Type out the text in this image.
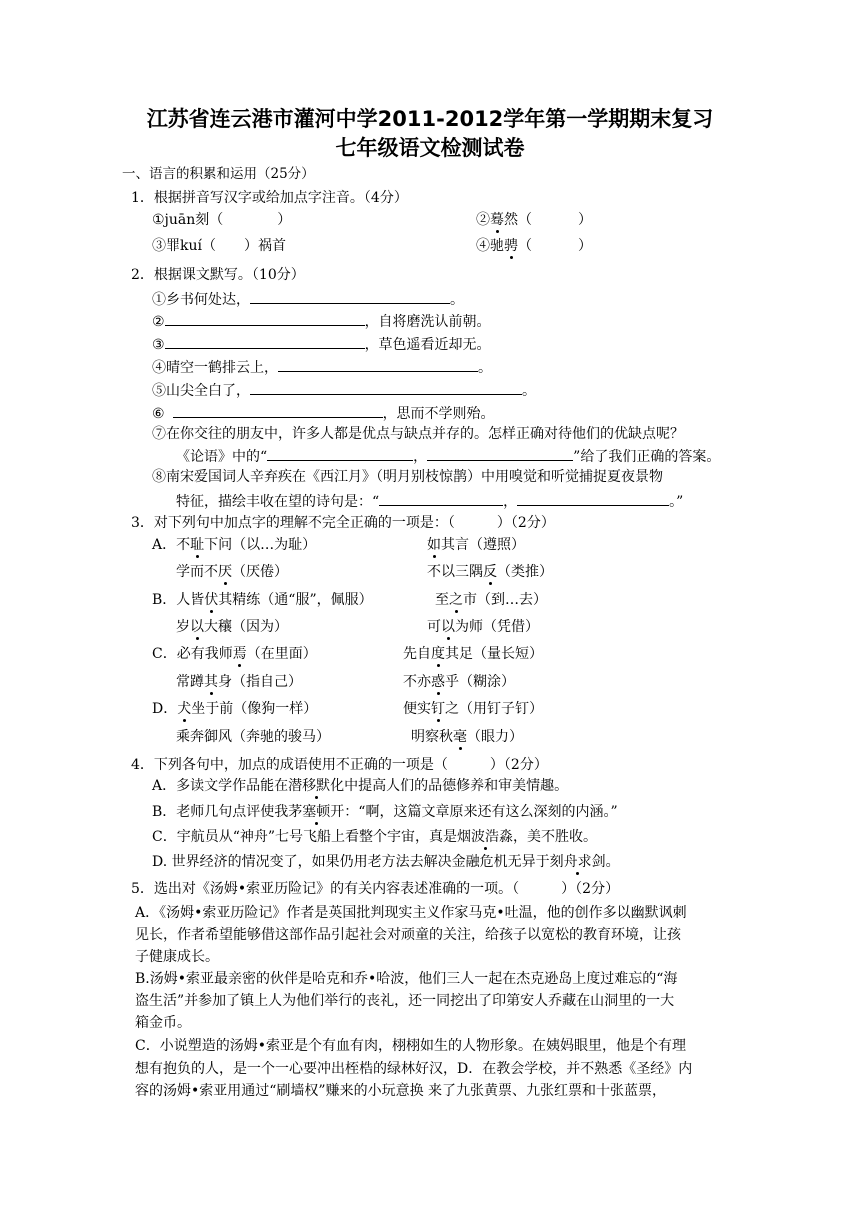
江苏省连云港市灌河中学2011-2012学年第一学期期末复习
七年级语文检测试卷
一、语言的积累和运用（25分）
1．根据拼音写汉字或给加点字注音。（4分）
①juān刻（	）	②蓦然（	）
③罪kuí（ ）祸首	④驰骋（	）
2．根据课文默写。（10分）
①乡书何处达，	。
②	，自将磨洗认前朝。
③	，草色遥看近却无。
④晴空一鹤排云上，	。
⑤山尖全白了，	。
⑥	，思而不学则殆。
⑦在你交往的朋友中，许多人都是优点与缺点并存的。怎样正确对待他们的优缺点呢？
《论语》中的“	，	”给了我们正确的答案。
⑧南宋爱国词人辛弃疾在《西江月》（明月别枝惊鹊）中用嗅觉和听觉捕捉夏夜景物
特征，描绘丰收在望的诗句是：“	，	。”
3．对下列句中加点字的理解不完全正确的一项是：（　　　）（2分）
A．不耻下问（以…为耻）	如其言（遵照）
学而不厌（厌倦）	不以三隅反（类推）
B．人皆伏其精练（通“服”，佩服）	至之市（到…去）
岁以大穰（因为）	可以为师（凭借）
C．必有我师焉（在里面）	先自度其足（量长短）
常蹲其身（指自己）	不亦惑乎（糊涂）
D．犬坐于前（像狗一样）	便实钉之（用钉子钉）
乘奔御风（奔驰的骏马）	明察秋毫（眼力）
4．下列各句中，加点的成语使用不正确的一项是（　　　）（2分）
A．多读文学作品能在潜移默化中提高人们的品德修养和审美情趣。
B．老师几句点评使我茅塞顿开：“啊，这篇文章原来还有这么深刻的内涵。”
C．宇航员从“神舟”七号飞船上看整个宇宙，真是烟波浩淼，美不胜收。
D. 世界经济的情况变了，如果仍用老方法去解决金融危机无异于刻舟求剑。
5．选出对《汤姆•索亚历险记》的有关内容表述准确的一项。（　　　）（2分）
A．《汤姆•索亚历险记》作者是英国批判现实主义作家马克•吐温，他的创作多以幽默讽刺
见长，作者希望能够借这部作品引起社会对顽童的关注，给孩子以宽松的教育环境，让孩
子健康成长。
B.汤姆•索亚最亲密的伙伴是哈克和乔•哈波，他们三人一起在杰克逊岛上度过难忘的“海
盗生活”并参加了镇上人为他们举行的丧礼，还一同挖出了印第安人乔藏在山洞里的一大
箱金币。
C．小说塑造的汤姆•索亚是个有血有肉，栩栩如生的人物形象。在姨妈眼里，他是个有理
想有抱负的人，是一个一心要冲出桎梏的绿林好汉，D．在教会学校，并不熟悉《圣经》内
容的汤姆•索亚用通过“刷墙权”赚来的小玩意换 来了九张黄票、九张红票和十张蓝票，
